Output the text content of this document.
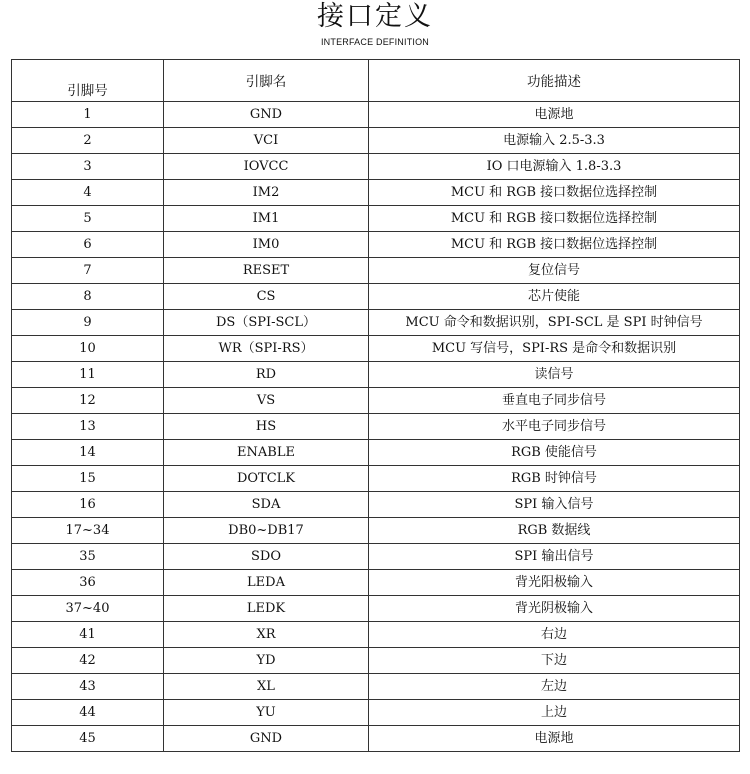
接口定义
INTERFACE DEFINITION
引脚号	引脚名	功能描述
1	GND	电源地
2	VCI	电源输入 2.5-3.3
3	IOVCC	IO 口电源输入 1.8-3.3
4	IM2	MCU 和 RGB 接口数据位选择控制
5	IM1	MCU 和 RGB 接口数据位选择控制
6	IM0	MCU 和 RGB 接口数据位选择控制
7	RESET	复位信号
8	CS	芯片使能
9	DS（SPI-SCL）	MCU 命令和数据识别，SPI-SCL 是 SPI 时钟信号
10	WR（SPI-RS）	MCU 写信号，SPI-RS 是命令和数据识别
11	RD	读信号
12	VS	垂直电子同步信号
13	HS	水平电子同步信号
14	ENABLE	RGB 使能信号
15	DOTCLK	RGB 时钟信号
16	SDA	SPI 输入信号
17~34	DB0~DB17	RGB 数据线
35	SDO	SPI 输出信号
36	LEDA	背光阳极输入
37~40	LEDK	背光阴极输入
41	XR	右边
42	YD	下边
43	XL	左边
44	YU	上边
45	GND	电源地
